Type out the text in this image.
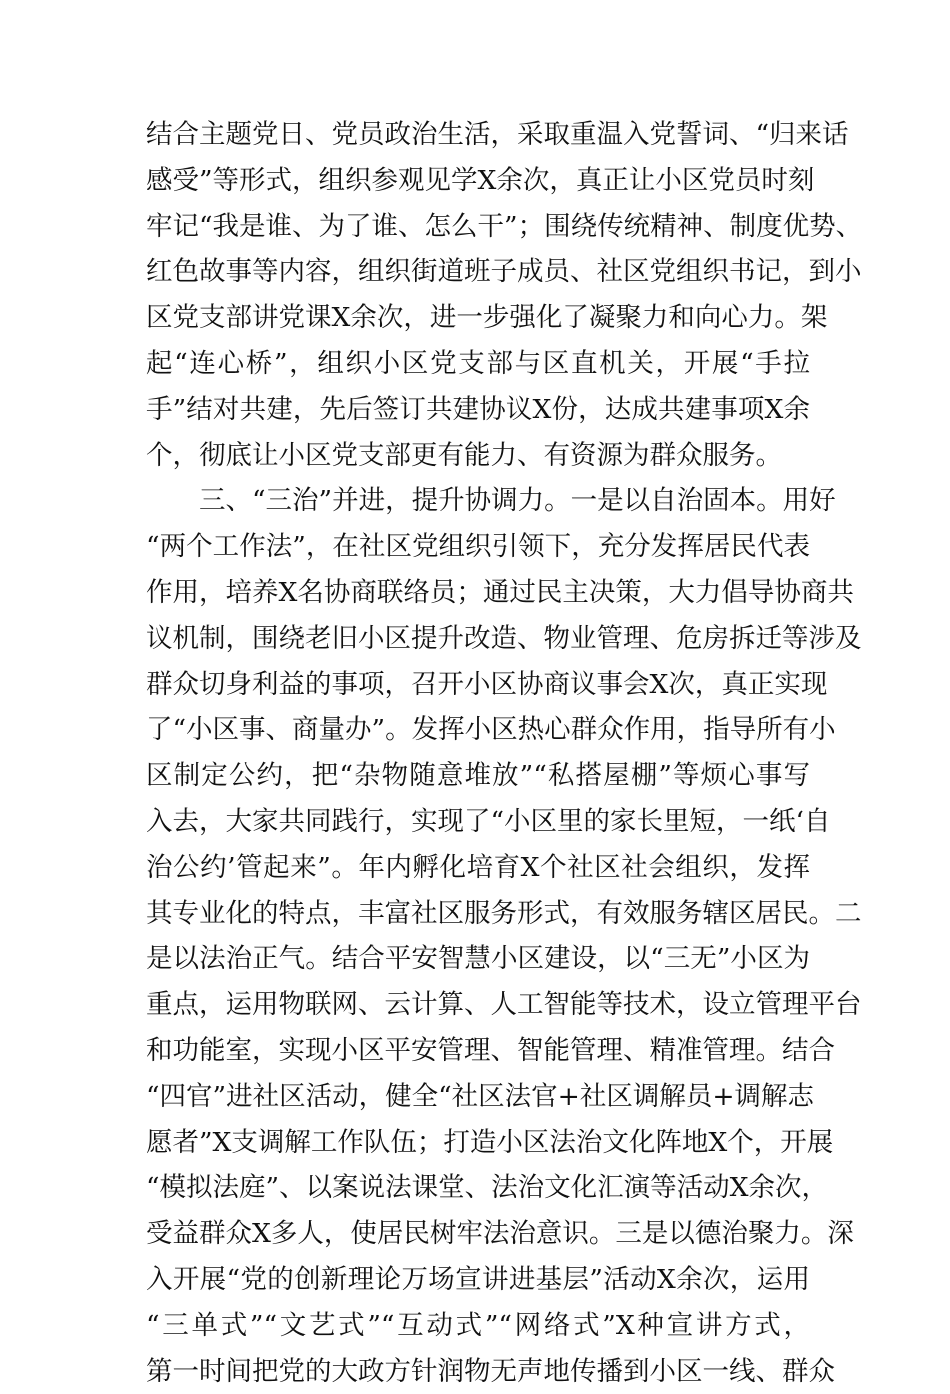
结合主题党日、党员政治生活，采取重温入党誓词、“归来话
感受”等形式，组织参观见学X余次，真正让小区党员时刻
牢记“我是谁、为了谁、怎么干”；围绕传统精神、制度优势、
红色故事等内容，组织街道班子成员、社区党组织书记，到小
区党支部讲党课X余次，进一步强化了凝聚力和向心力。架
起“连心桥”，组织小区党支部与区直机关，开展“手拉
手”结对共建，先后签订共建协议X份，达成共建事项X余
个，彻底让小区党支部更有能力、有资源为群众服务。
三、“三治”并进，提升协调力。一是以自治固本。用好
“两个工作法”，在社区党组织引领下，充分发挥居民代表
作用，培养X名协商联络员；通过民主决策，大力倡导协商共
议机制，围绕老旧小区提升改造、物业管理、危房拆迁等涉及
群众切身利益的事项，召开小区协商议事会X次，真正实现
了“小区事、商量办”。发挥小区热心群众作用，指导所有小
区制定公约，把“杂物随意堆放”“私搭屋棚”等烦心事写
入去，大家共同践行，实现了“小区里的家长里短，一纸‘自
治公约’管起来”。年内孵化培育X个社区社会组织，发挥
其专业化的特点，丰富社区服务形式，有效服务辖区居民。二
是以法治正气。结合平安智慧小区建设，以“三无”小区为
重点，运用物联网、云计算、人工智能等技术，设立管理平台
和功能室，实现小区平安管理、智能管理、精准管理。结合
“四官”进社区活动，健全“社区法官+社区调解员+调解志
愿者”X支调解工作队伍；打造小区法治文化阵地X个，开展
“模拟法庭”、以案说法课堂、法治文化汇演等活动X余次，
受益群众X多人，使居民树牢法治意识。三是以德治聚力。深
入开展“党的创新理论万场宣讲进基层”活动X余次，运用
“三单式”“文艺式”“互动式”“网络式”X种宣讲方式，
第一时间把党的大政方针润物无声地传播到小区一线、群众
